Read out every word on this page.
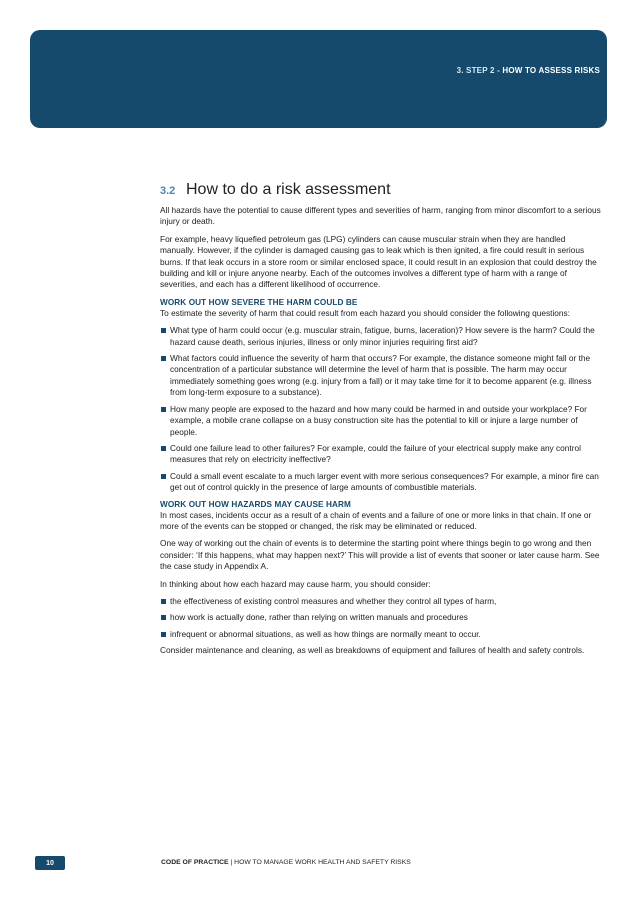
3. STEP 2 - HOW TO ASSESS RISKS
3.2 How to do a risk assessment

All hazards have the potential to cause different types and severities of harm, ranging from minor discomfort to a serious injury or death.

For example, heavy liquefied petroleum gas (LPG) cylinders can cause muscular strain when they are handled manually. However, if the cylinder is damaged causing gas to leak which is then ignited, a fire could result in serious burns. If that leak occurs in a store room or similar enclosed space, it could result in an explosion that could destroy the building and kill or injure anyone nearby. Each of the outcomes involves a different type of harm with a range of severities, and each has a different likelihood of occurrence.

WORK OUT HOW SEVERE THE HARM COULD BE

To estimate the severity of harm that could result from each hazard you should consider the following questions:

What type of harm could occur (e.g. muscular strain, fatigue, burns, laceration)? How severe is the harm? Could the hazard cause death, serious injuries, illness or only minor injuries requiring first aid?
What factors could influence the severity of harm that occurs? For example, the distance someone might fall or the concentration of a particular substance will determine the level of harm that is possible. The harm may occur immediately something goes wrong (e.g. injury from a fall) or it may take time for it to become apparent (e.g. illness from long-term exposure to a substance).
How many people are exposed to the hazard and how many could be harmed in and outside your workplace? For example, a mobile crane collapse on a busy construction site has the potential to kill or injure a large number of people.
Could one failure lead to other failures? For example, could the failure of your electrical supply make any control measures that rely on electricity ineffective?
Could a small event escalate to a much larger event with more serious consequences? For example, a minor fire can get out of control quickly in the presence of large amounts of combustible materials.
WORK OUT HOW HAZARDS MAY CAUSE HARM

In most cases, incidents occur as a result of a chain of events and a failure of one or more links in that chain. If one or more of the events can be stopped or changed, the risk may be eliminated or reduced.

One way of working out the chain of events is to determine the starting point where things begin to go wrong and then consider: ‘If this happens, what may happen next?’ This will provide a list of events that sooner or later cause harm. See the case study in Appendix A.

In thinking about how each hazard may cause harm, you should consider:

the effectiveness of existing control measures and whether they control all types of harm,
how work is actually done, rather than relying on written manuals and procedures
infrequent or abnormal situations, as well as how things are normally meant to occur.

Consider maintenance and cleaning, as well as breakdowns of equipment and failures of health and safety controls.

10	CODE OF PRACTICE | HOW TO MANAGE WORK HEALTH AND SAFETY RISKS
